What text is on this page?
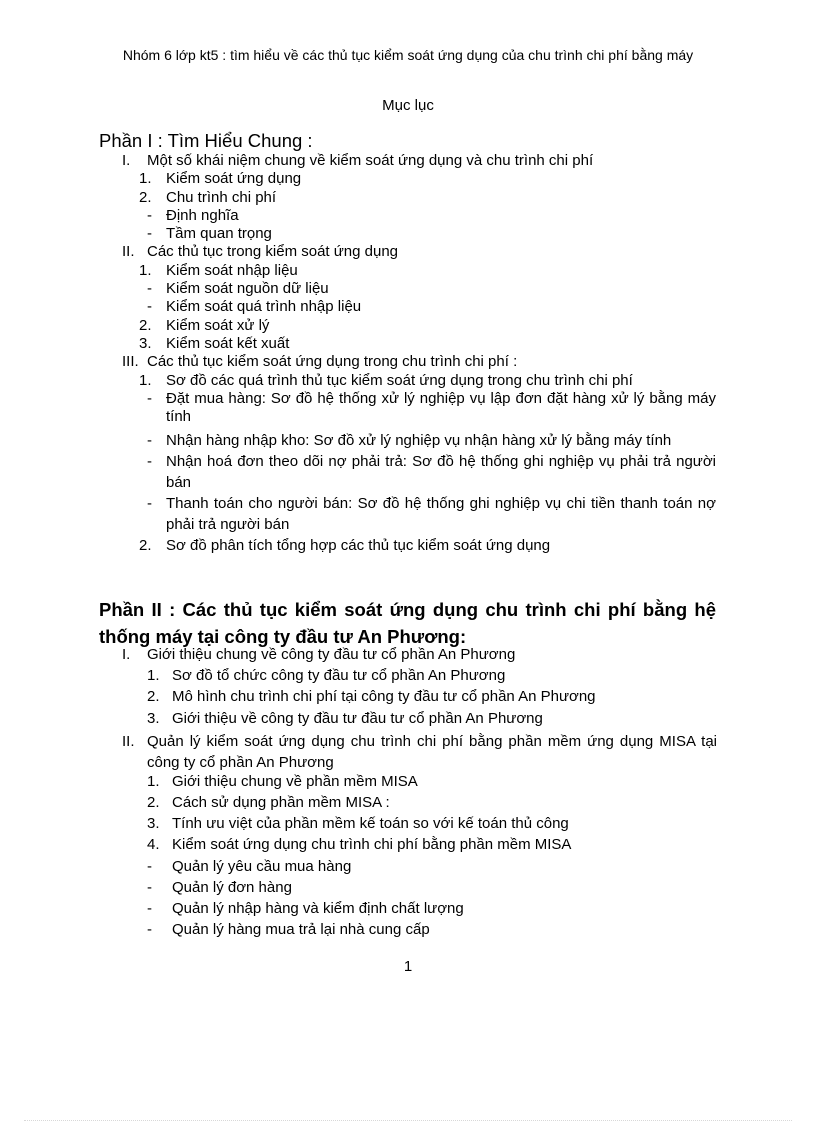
Nhóm 6 lớp kt5 : tìm hiểu về các thủ tục kiểm soát ứng dụng của chu trình chi phí bằng máy
Mục lục
Phần I : Tìm Hiểu Chung :
I. Một số khái niệm chung về kiểm soát ứng dụng và chu trình chi phí
1. Kiểm soát ứng dụng
2. Chu trình chi phí
- Định nghĩa
- Tầm quan trọng
II. Các thủ tục trong kiểm soát ứng dụng
1. Kiểm soát nhập liệu
- Kiểm soát nguồn dữ liệu
- Kiểm soát quá trình nhập liệu
2. Kiểm soát xử lý
3. Kiểm soát kết xuất
III. Các thủ tục kiểm soát ứng dụng trong chu trình chi phí :
1. Sơ đồ các quá trình thủ tục kiểm soát ứng dụng trong chu trình chi phí
- Đặt mua hàng: Sơ đồ hệ thống xử lý nghiệp vụ lập đơn đặt hàng xử lý bằng máy tính
- Nhận hàng nhập kho: Sơ đồ xử lý nghiệp vụ nhận hàng xử lý bằng máy tính
- Nhận hoá đơn theo dõi nợ phải trả: Sơ đồ hệ thống ghi nghiệp vụ phải trả người bán
- Thanh toán cho người bán: Sơ đồ hệ thống ghi nghiệp vụ chi tiền thanh toán nợ phải trả người bán
2. Sơ đồ phân tích tổng hợp các thủ tục kiểm soát ứng dụng
Phần II : Các thủ tục kiểm soát ứng dụng chu trình chi phí bằng hệ thống máy tại công ty đầu tư An Phương:
I. Giới thiệu chung về công ty đầu tư cổ phần An Phương
1. Sơ đồ tổ chức công ty đầu tư cổ phần An Phương
2. Mô hình chu trình chi phí tại công ty đầu tư cổ phần An Phương
3. Giới thiệu về công ty đầu tư đầu tư cổ phần An Phương
II. Quản lý kiểm soát ứng dụng chu trình chi phí bằng phần mềm ứng dụng MISA tại công ty cổ phần An Phương
1. Giới thiệu chung về phần mềm MISA
2. Cách sử dụng phần mềm MISA :
3. Tính ưu việt của phần mềm kế toán so với kế toán thủ công
4. Kiểm soát ứng dụng chu trình chi phí bằng phần mềm MISA
- Quản lý yêu cầu mua hàng
- Quản lý đơn hàng
- Quản lý nhập hàng và kiểm định chất lượng
- Quản lý hàng mua trả lại nhà cung cấp
1
